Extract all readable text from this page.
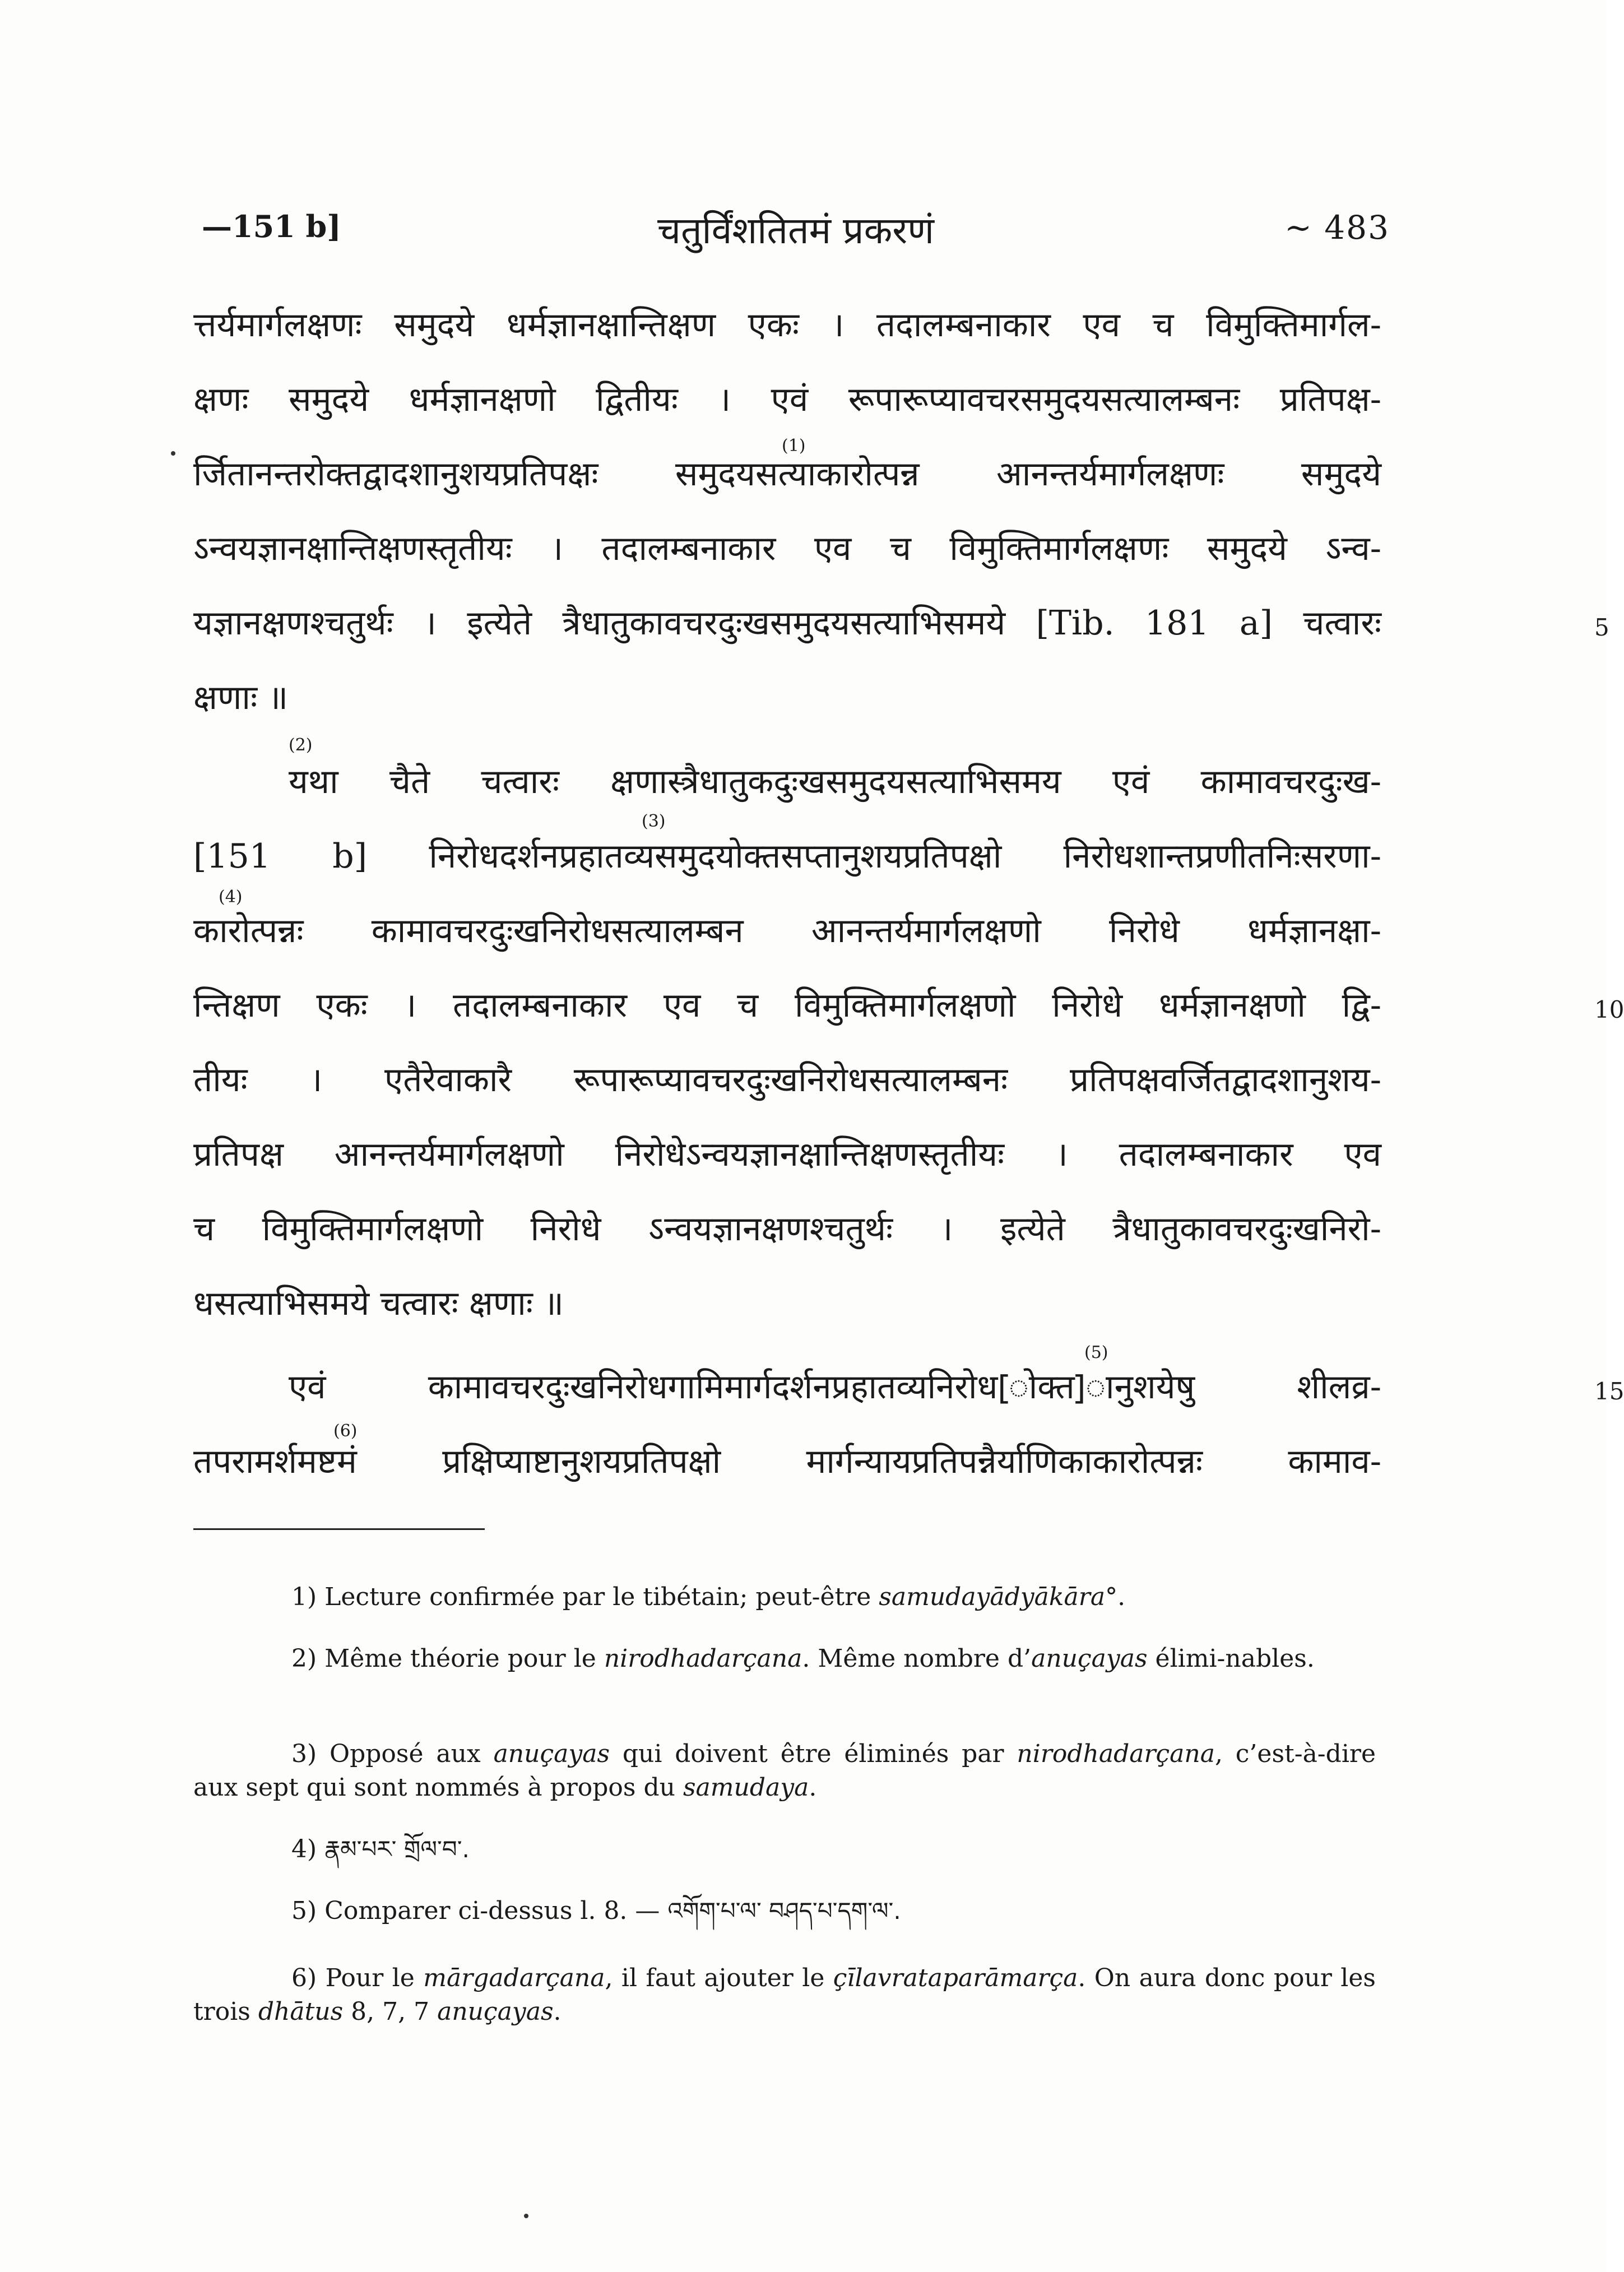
—151 b]	चतुर्विंशतितमं प्रकरणं	~ 483
त्तर्यमार्गलक्षणः समुदये धर्मज्ञानक्षान्तिक्षण एकः । तदालम्बनाकार एव च विमुक्तिमार्गल-
क्षणः समुदये धर्मज्ञानक्षणो द्वितीयः । एवं रूपारूप्यावचरसमुदयसत्यालम्बनः प्रतिपक्ष-
र्जितानन्तरोक्तद्वादशानुशयप्रतिपक्षः समुदयसत्याकारोत्पन्न आनन्तर्यमार्गलक्षणः समुदये
(1)
ऽन्वयज्ञानक्षान्तिक्षणस्तृतीयः । तदालम्बनाकार एव च विमुक्तिमार्गलक्षणः समुदये ऽन्व-
यज्ञानक्षणश्चतुर्थः । इत्येते त्रैधातुकावचरदुःखसमुदयसत्याभिसमये [Tib. 181 a] चत्वारः	5
क्षणाः ॥
यथा चैते चत्वारः क्षणास्त्रैधातुकदुःखसमुदयसत्याभिसमय एवं कामावचरदुःख-
(2)
[151 b] निरोधदर्शनप्रहातव्यसमुदयोक्तसप्तानुशयप्रतिपक्षो निरोधशान्तप्रणीतनिःसरणा-
(3)
कारोत्पन्नः कामावचरदुःखनिरोधसत्यालम्बन आनन्तर्यमार्गलक्षणो निरोधे धर्मज्ञानक्षा-
(4)
न्तिक्षण एकः । तदालम्बनाकार एव च विमुक्तिमार्गलक्षणो निरोधे धर्मज्ञानक्षणो द्वि-	10
तीयः । एतैरेवाकारै रूपारूप्यावचरदुःखनिरोधसत्यालम्बनः प्रतिपक्षवर्जितद्वादशानुशय-
प्रतिपक्ष आनन्तर्यमार्गलक्षणो निरोधेऽन्वयज्ञानक्षान्तिक्षणस्तृतीयः । तदालम्बनाकार एव
च विमुक्तिमार्गलक्षणो निरोधे ऽन्वयज्ञानक्षणश्चतुर्थः । इत्येते त्रैधातुकावचरदुःखनिरो-
धसत्याभिसमये चत्वारः क्षणाः ॥
एवं कामावचरदुःखनिरोधगामिमार्गदर्शनप्रहातव्यनिरोध[ोक्त]ानुशयेषु शीलव्र-	15
(5)
तपरामर्शमष्टमं प्रक्षिप्याष्टानुशयप्रतिपक्षो मार्गन्यायप्रतिपन्नैर्याणिकाकारोत्पन्नः कामाव-
(6)
1) Lecture confirmée par le tibétain; peut-être samudayādyākāra°.
2) Même théorie pour le nirodhadarçana. Même nombre d’anuçayas élimi-nables.
3) Opposé aux anuçayas qui doivent être éliminés par nirodhadarçana, c’est-à-dire aux sept qui sont nommés à propos du samudaya.
4) རྣམ་པར་ གྲོལ་བ་.
5) Comparer ci-dessus l. 8. — འགོག་པ་ལ་ བཤད་པ་དག་ལ་.
6) Pour le mārgadarçana, il faut ajouter le çīlavrataparāmarça. On aura donc pour les trois dhātus 8, 7, 7 anuçayas.
